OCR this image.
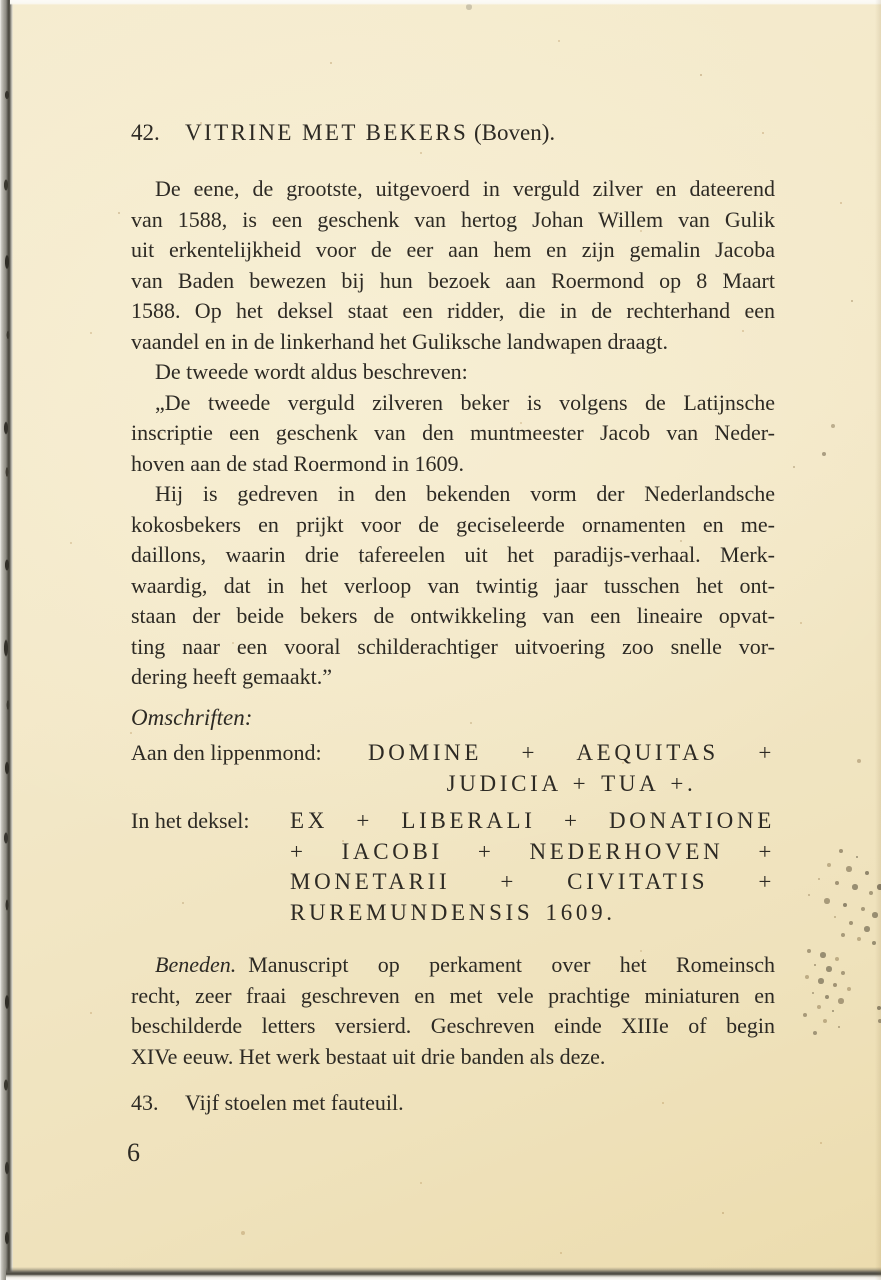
42. VITRINE MET BEKERS (Boven).
De eene, de grootste, uitgevoerd in verguld zilver en dateerend
van 1588, is een geschenk van hertog Johan Willem van Gulik
uit erkentelijkheid voor de eer aan hem en zijn gemalin Jacoba
van Baden bewezen bij hun bezoek aan Roermond op 8 Maart
1588. Op het deksel staat een ridder, die in de rechterhand een
vaandel en in de linkerhand het Guliksche landwapen draagt.
De tweede wordt aldus beschreven:
„De tweede verguld zilveren beker is volgens de Latijnsche
inscriptie een geschenk van den muntmeester Jacob van Neder-
hoven aan de stad Roermond in 1609.
Hij is gedreven in den bekenden vorm der Nederlandsche
kokosbekers en prijkt voor de geciseleerde ornamenten en me-
daillons, waarin drie tafereelen uit het paradijs-verhaal. Merk-
waardig, dat in het verloop van twintig jaar tusschen het ont-
staan der beide bekers de ontwikkeling van een lineaire opvat-
ting naar een vooral schilderachtiger uitvoering zoo snelle vor-
dering heeft gemaakt.”
Omschriften:
Aan den lippenmond:	DOMINE + AEQUITAS +
JUDICIA + TUA +.
In het deksel:	EX + LIBERALI + DONATIONE
+ IACOBI + NEDERHOVEN +
MONETARII + CIVITATIS +
RUREMUNDENSIS 1609.
Beneden. Manuscript op perkament over het Romeinsch
recht, zeer fraai geschreven en met vele prachtige miniaturen en
beschilderde letters versierd. Geschreven einde XIIIe of begin
XIVe eeuw. Het werk bestaat uit drie banden als deze.
43. Vijf stoelen met fauteuil.
6
